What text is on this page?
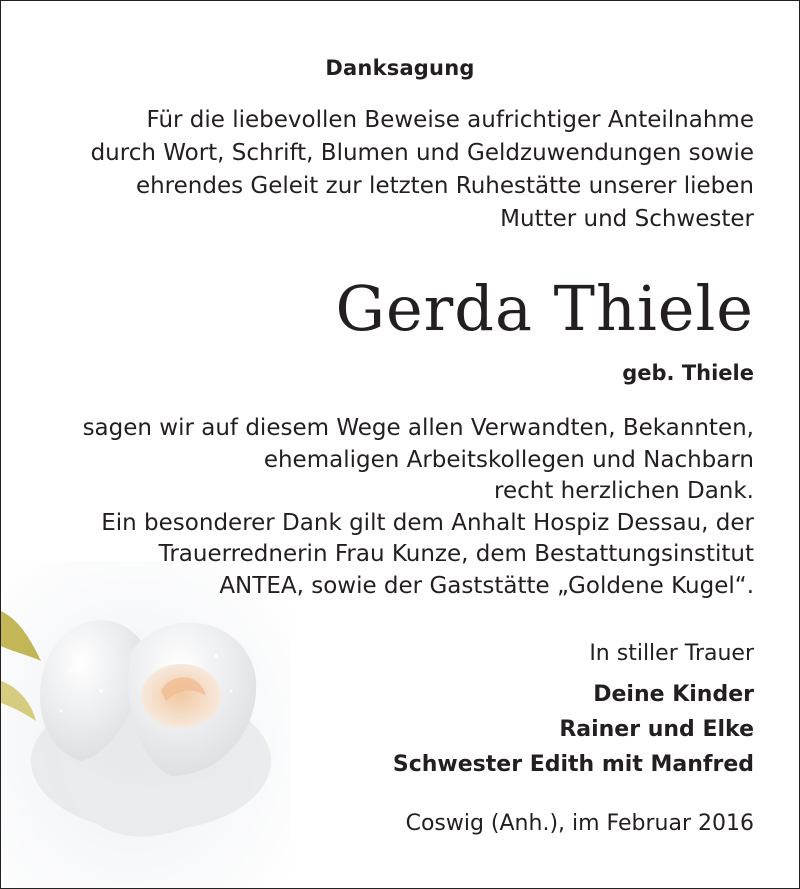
Danksagung
Für die liebevollen Beweise aufrichtiger Anteilnahme
durch Wort, Schrift, Blumen und Geldzuwendungen sowie
ehrendes Geleit zur letzten Ruhestätte unserer lieben
Mutter und Schwester
Gerda Thiele
geb. Thiele
sagen wir auf diesem Wege allen Verwandten, Bekannten,
ehemaligen Arbeitskollegen und Nachbarn
recht herzlichen Dank.
Ein besonderer Dank gilt dem Anhalt Hospiz Dessau, der
Trauerrednerin Frau Kunze, dem Bestattungsinstitut
ANTEA, sowie der Gaststätte „Goldene Kugel“.
In stiller Trauer
Deine Kinder
Rainer und Elke
Schwester Edith mit Manfred
Coswig (Anh.), im Februar 2016
